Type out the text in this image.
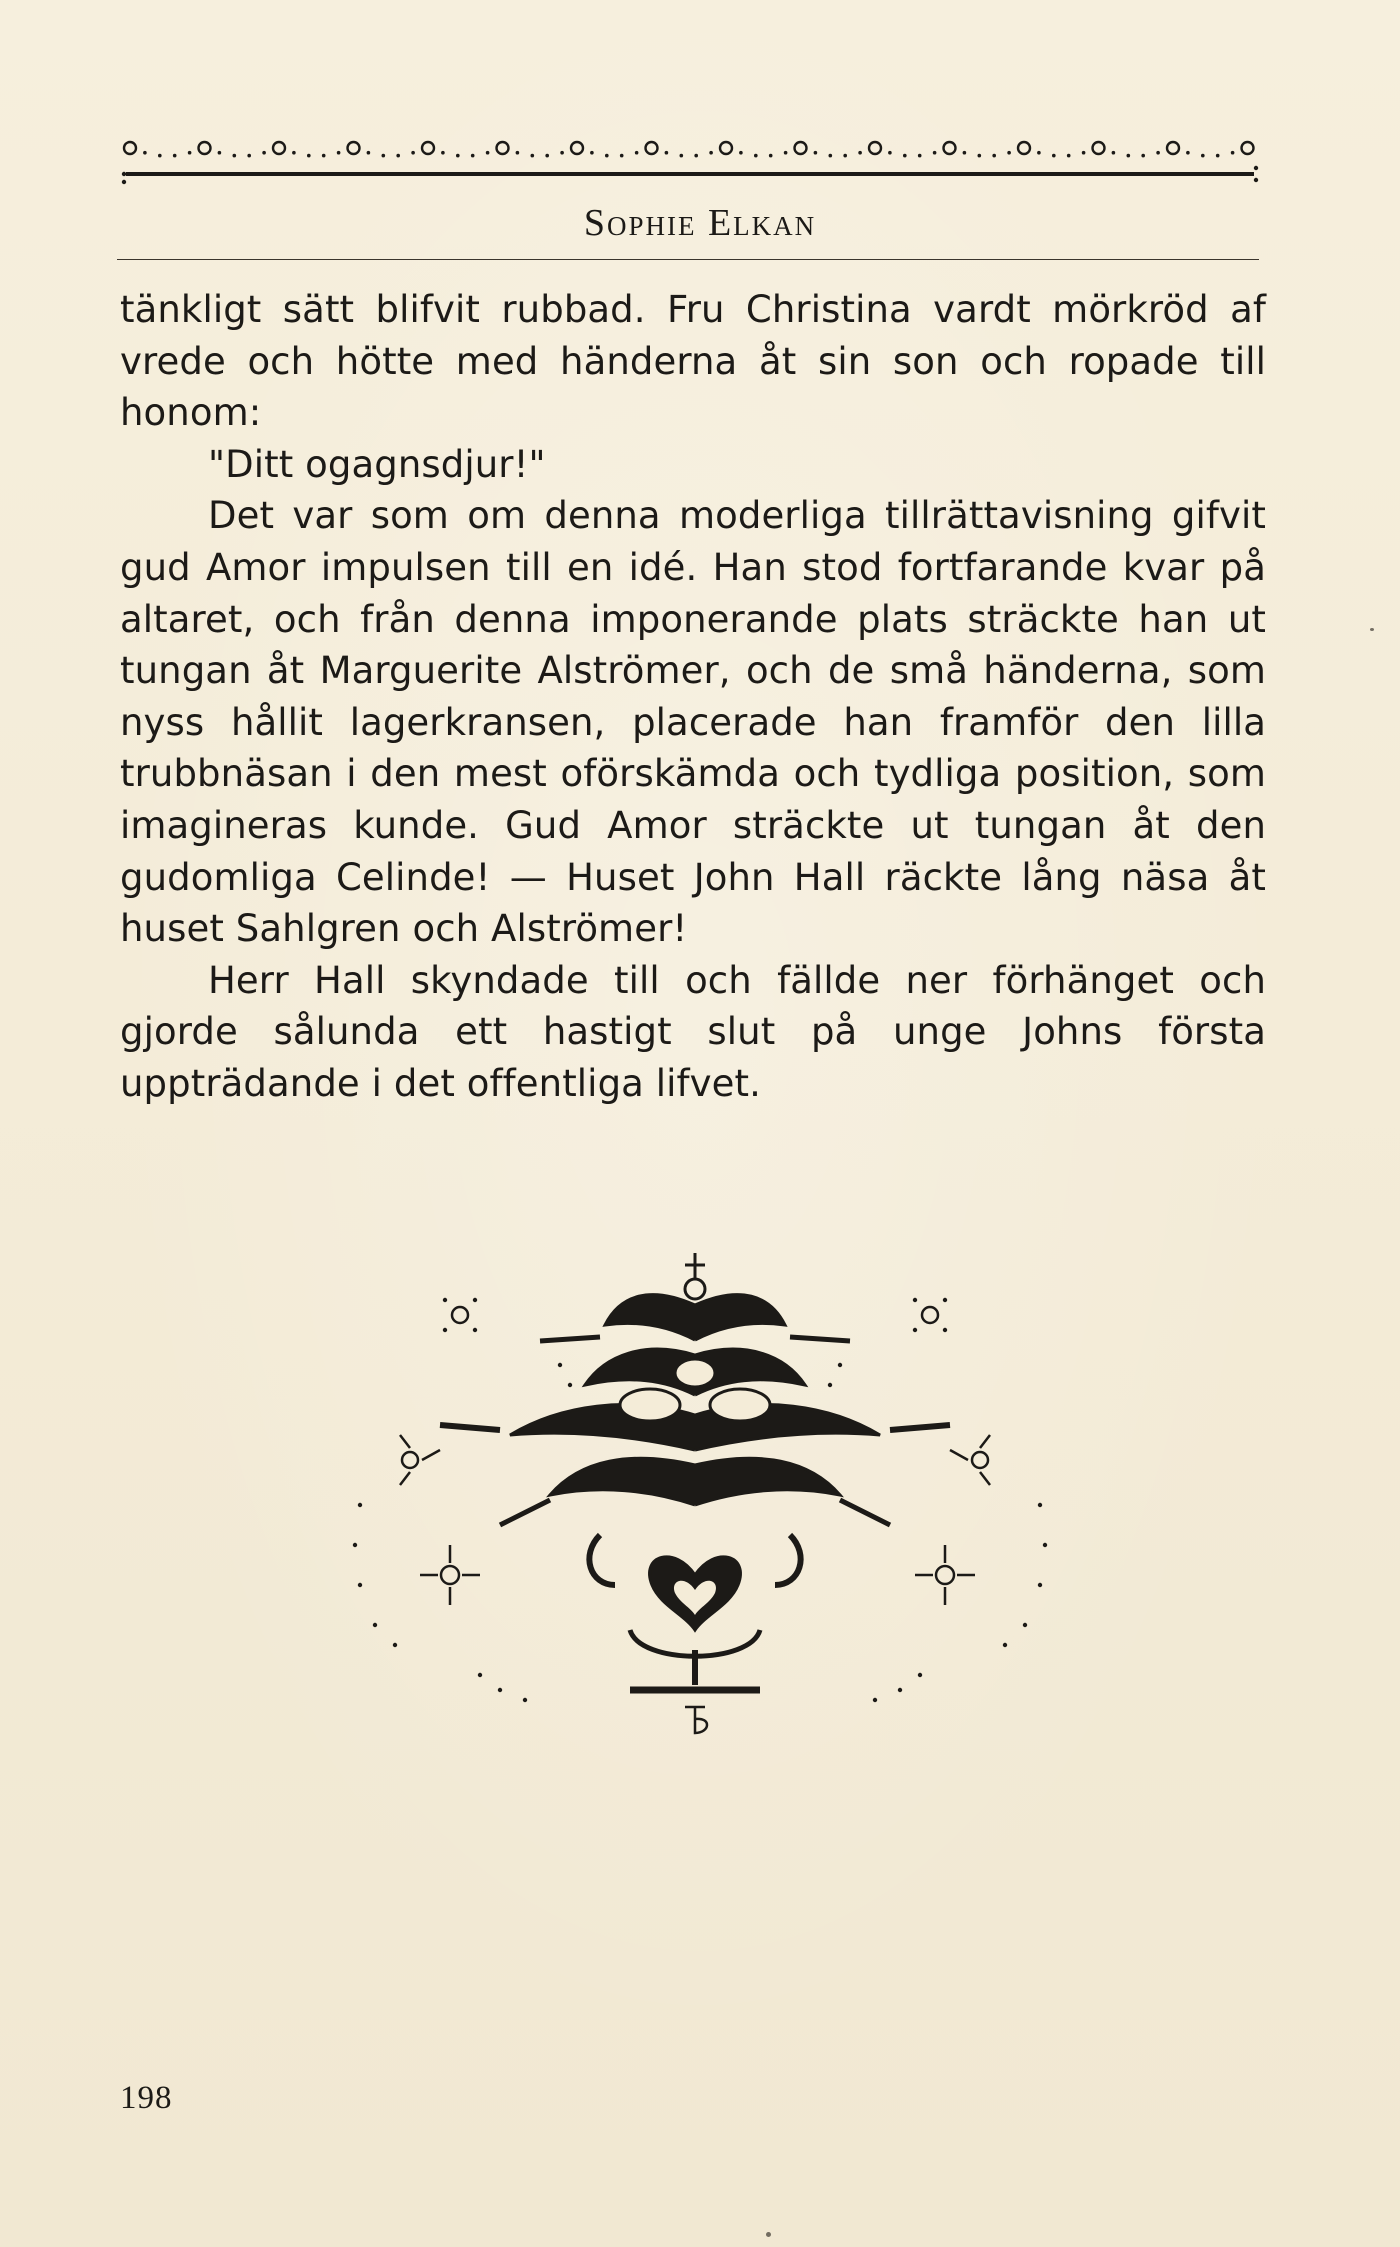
Sophie Elkan

tänkligt sätt blifvit rubbad. Fru Christina vardt mörkröd af vrede och hötte med händerna åt sin son och ropade till honom:

"Ditt ogagnsdjur!"

Det var som om denna moderliga tillrättavisning gifvit gud Amor impulsen till en idé. Han stod fortfarande kvar på altaret, och från denna imponerande plats sträckte han ut tungan åt Marguerite Alströmer, och de små händerna, som nyss hållit lagerkransen, placerade han framför den lilla trubbnäsan i den mest oförskämda och tydliga position, som imagineras kunde. Gud Amor sträckte ut tungan åt den gudomliga Celinde! — Huset John Hall räckte lång näsa åt huset Sahlgren och Alströmer!

Herr Hall skyndade till och fällde ner förhänget och gjorde sålunda ett hastigt slut på unge Johns första uppträdande i det offentliga lifvet.

198
